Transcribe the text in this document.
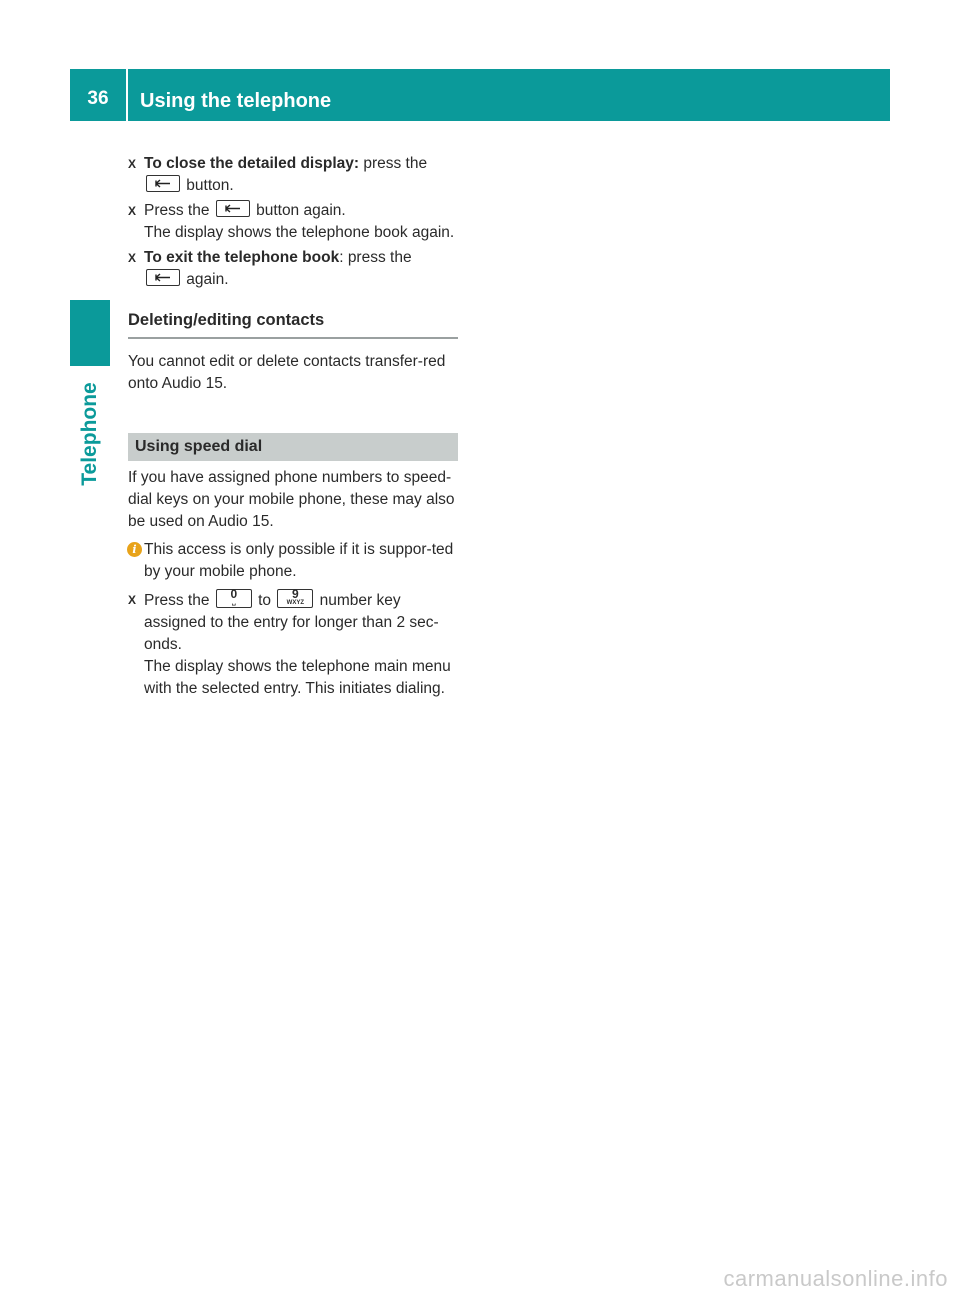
36	Using the telephone
Telephone
X To close the detailed display: press the

button.
X Press the
button again.
The display shows the telephone book again.
X To exit the telephone book: press the

again.
Deleting/editing contacts
You cannot edit or delete contacts transfer-red onto Audio 15.
Using speed dial
If you have assigned phone numbers to speed-dial keys on your mobile phone, these may also be used on Audio 15.
i This access is only possible if it is suppor-ted by your mobile phone.
X Press the	0
␣	to	9
WXYZ number key assigned to the entry for longer than 2 sec-onds.
The display shows the telephone main menu with the selected entry. This initiates dialing.
carmanualsonline.info
